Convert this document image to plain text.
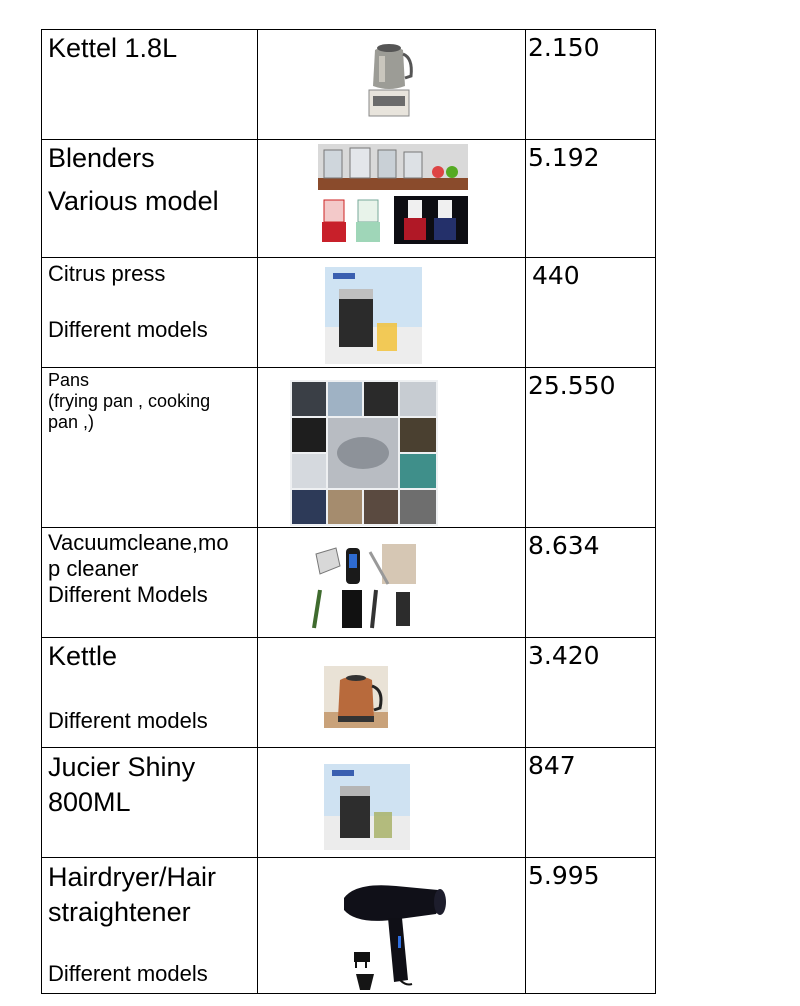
Kettel 1.8L		2.150

Blenders
Various model		5.192

Citrus press
Different models		440

Pans
(frying pan , cooking
pan ,)		25.550

Vacuumcleane,mo
p cleaner
Different Models		8.634

Kettle
Different models		3.420

Jucier Shiny
800ML		847

Hairdryer/Hair
straightener
Different models		5.995
